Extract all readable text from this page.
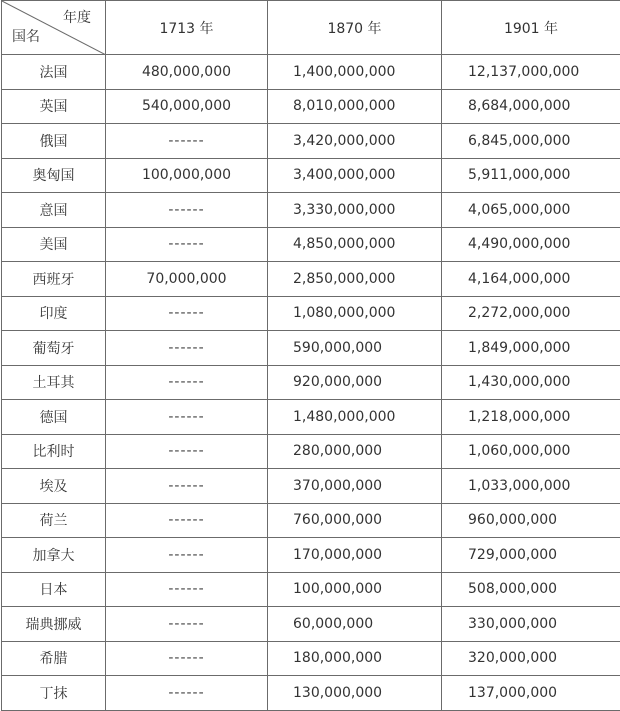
年度
国名	1713 年	1870 年	1901 年
法国	480,000,000	1,400,000,000	12,137,000,000
英国	540,000,000	8,010,000,000	8,684,000,000
俄国	------	3,420,000,000	6,845,000,000
奥匈国	100,000,000	3,400,000,000	5,911,000,000
意国	------	3,330,000,000	4,065,000,000
美国	------	4,850,000,000	4,490,000,000
西班牙	70,000,000	2,850,000,000	4,164,000,000
印度	------	1,080,000,000	2,272,000,000
葡萄牙	------	590,000,000	1,849,000,000
土耳其	------	920,000,000	1,430,000,000
德国	------	1,480,000,000	1,218,000,000
比利时	------	280,000,000	1,060,000,000
埃及	------	370,000,000	1,033,000,000
荷兰	------	760,000,000	960,000,000
加拿大	------	170,000,000	729,000,000
日本	------	100,000,000	508,000,000
瑞典挪威	------	60,000,000	330,000,000
希腊	------	180,000,000	320,000,000
丁抹	------	130,000,000	137,000,000
